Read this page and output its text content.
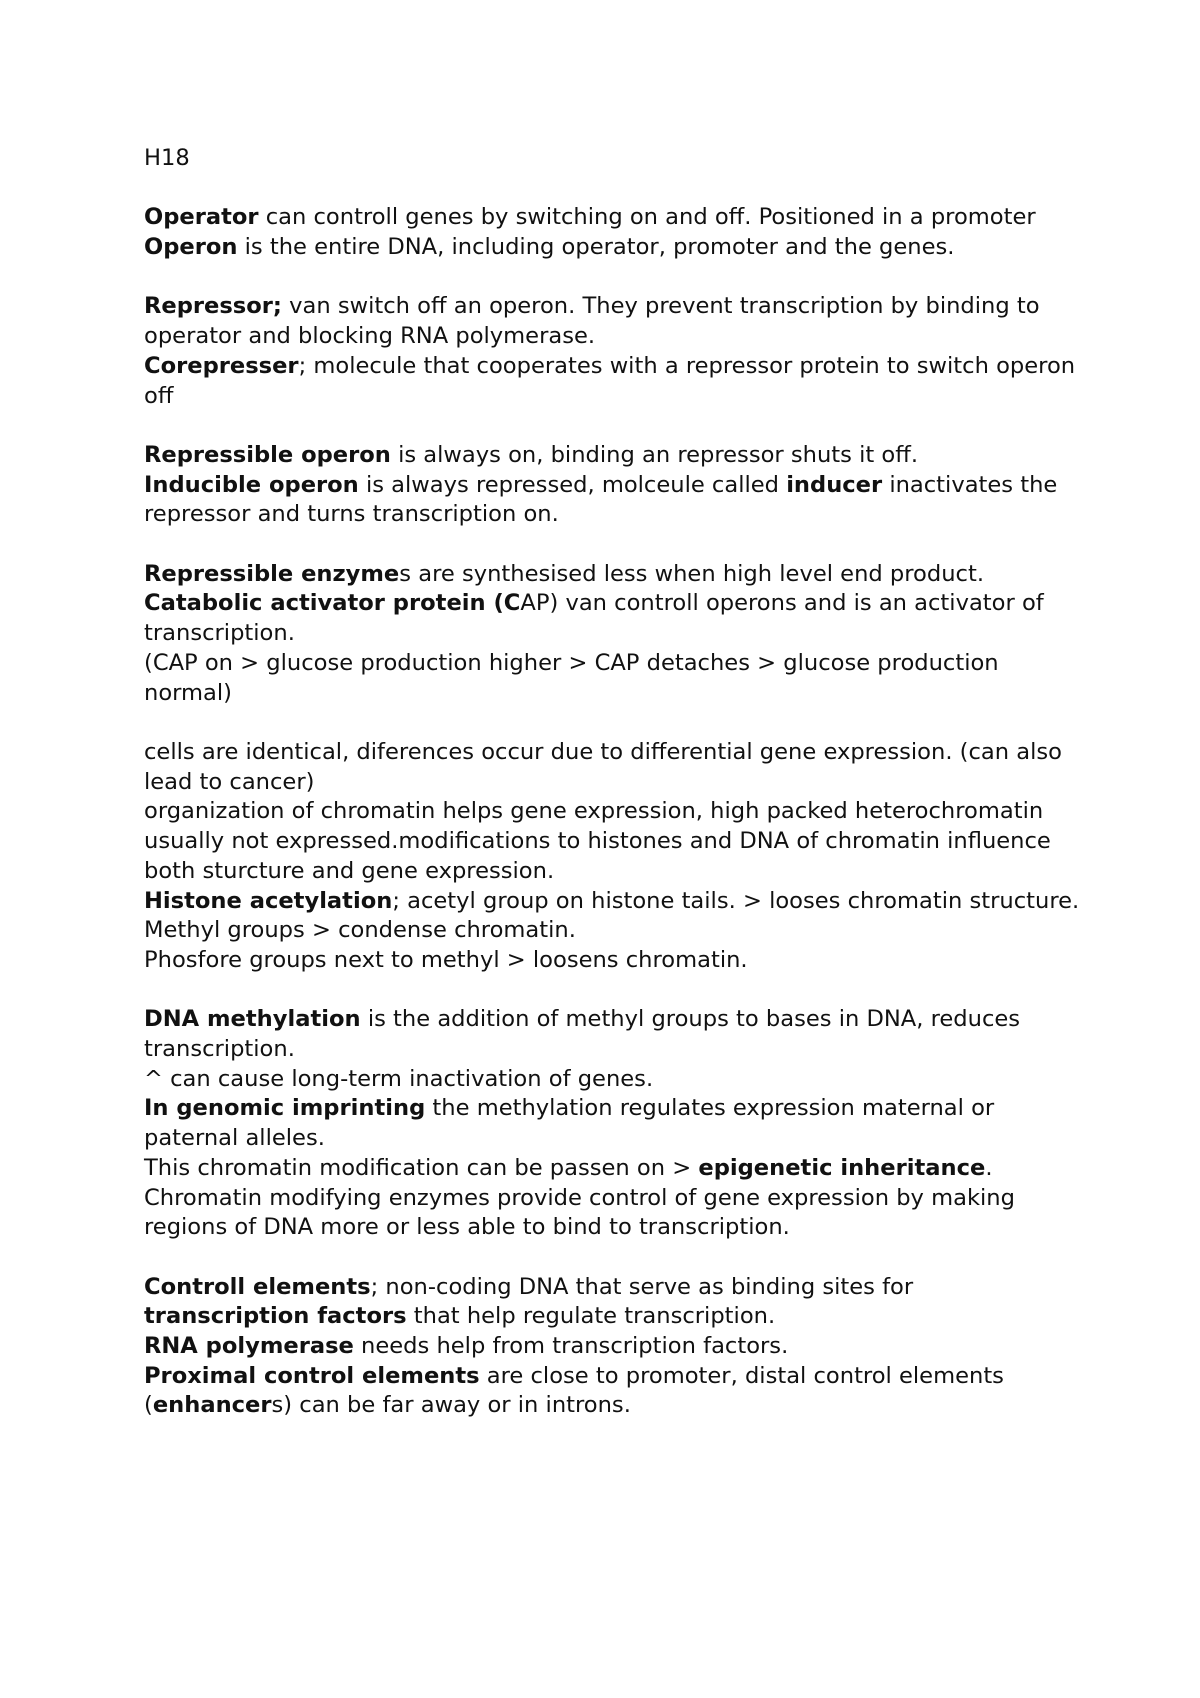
H18

Operator can controll genes by switching on and off. Positioned in a promoter

Operon is the entire DNA, including operator, promoter and the genes.

Repressor; van switch off an operon. They prevent transcription by binding to operator and blocking RNA polymerase.

Corepresser; molecule that cooperates with a repressor protein to switch operon off

Repressible operon is always on, binding an repressor shuts it off.

Inducible operon is always repressed, molceule called inducer inactivates the repressor and turns transcription on.

Repressible enzymes are synthesised less when high level end product.

Catabolic activator protein (CAP) van controll operons and is an activator of transcription.

(CAP on > glucose production higher > CAP detaches > glucose production normal)

cells are identical, diferences occur due to differential gene expression. (can also lead to cancer)

organization of chromatin helps gene expression, high packed heterochromatin usually not expressed.modifications to histones and DNA of chromatin influence both sturcture and gene expression.

Histone acetylation; acetyl group on histone tails. > looses chromatin structure.

Methyl groups > condense chromatin.

Phosfore groups next to methyl > loosens chromatin.

DNA methylation is the addition of methyl groups to bases in DNA, reduces transcription.

^ can cause long-term inactivation of genes.

In genomic imprinting the methylation regulates expression maternal or paternal alleles.

This chromatin modification can be passen on > epigenetic inheritance.

Chromatin modifying enzymes provide control of gene expression by making regions of DNA more or less able to bind to transcription.

Controll elements; non-coding DNA that serve as binding sites for transcription factors that help regulate transcription.

RNA polymerase needs help from transcription factors.

Proximal control elements are close to promoter, distal control elements (enhancers) can be far away or in introns.
